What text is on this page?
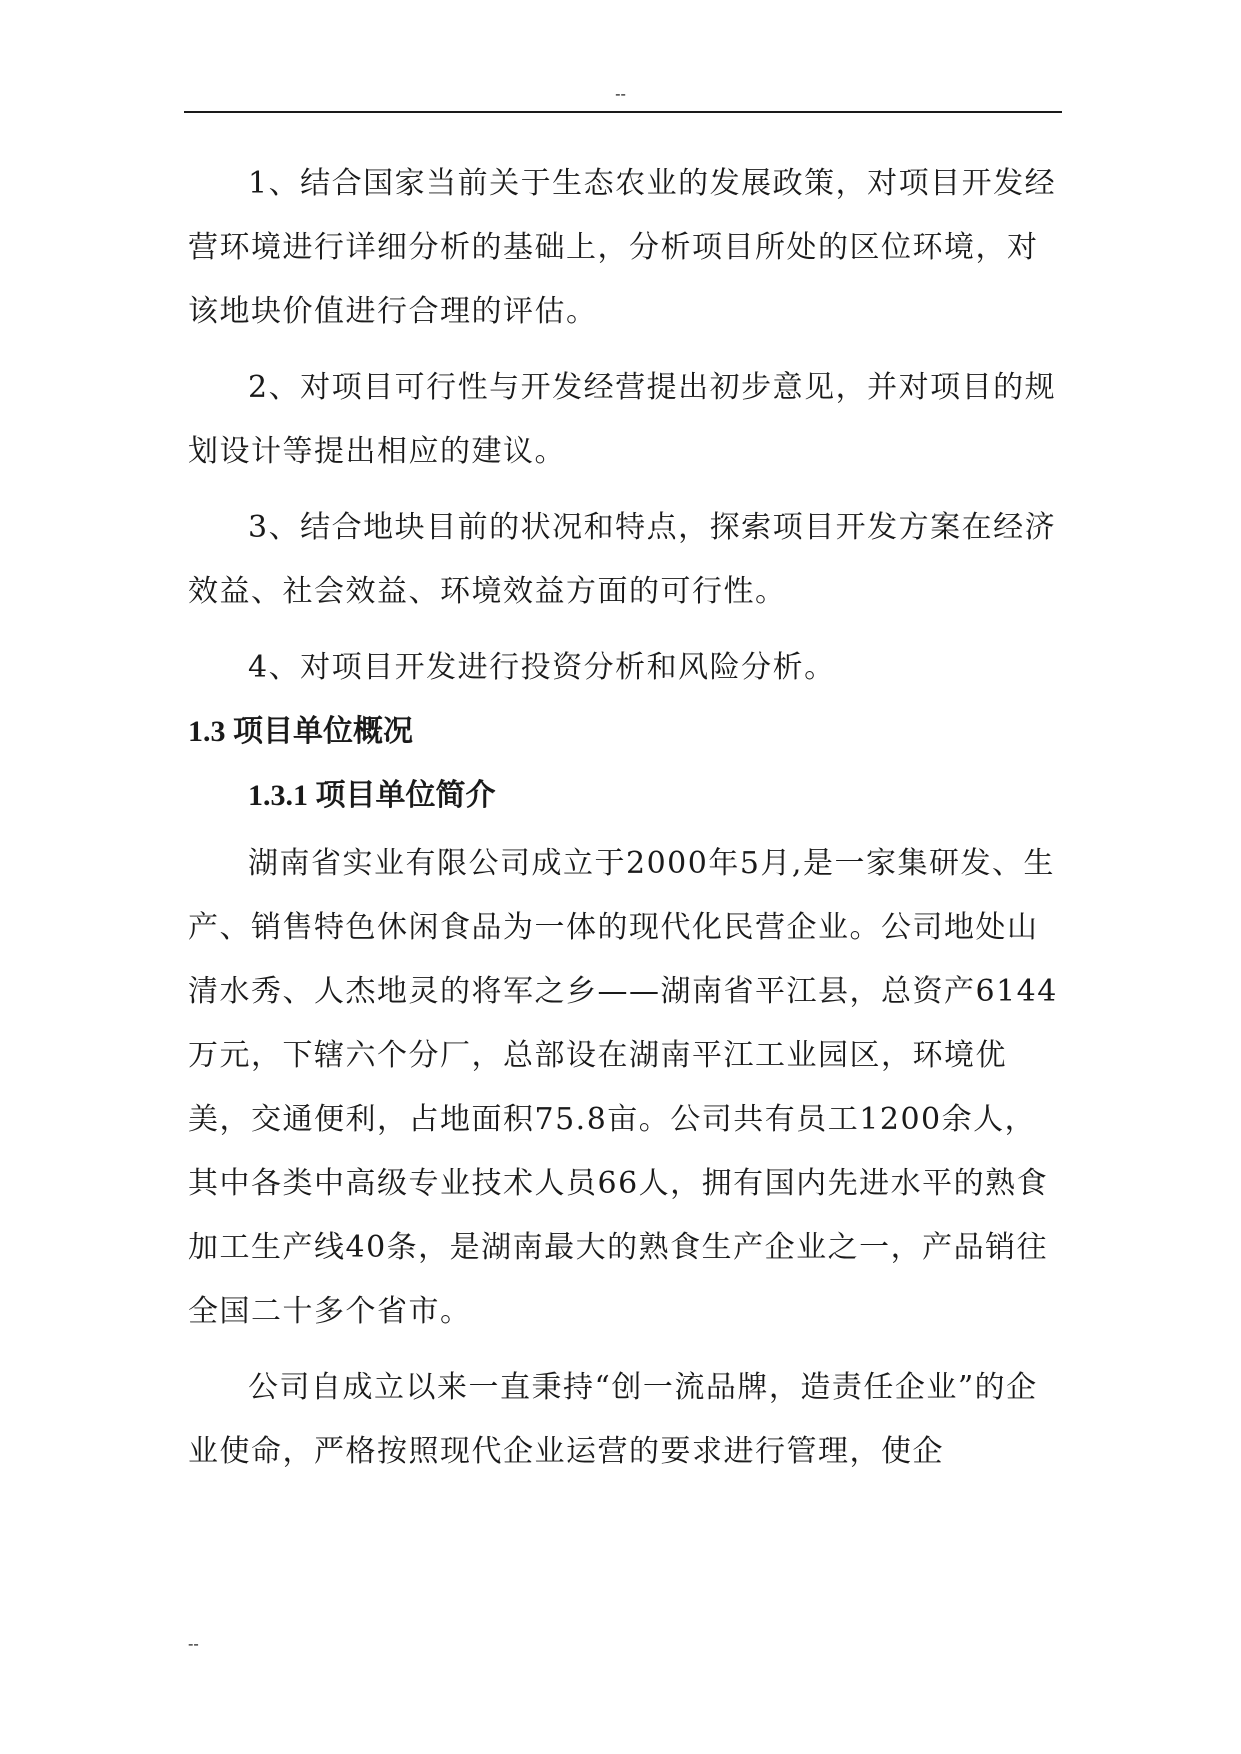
--

1、结合国家当前关于生态农业的发展政策，对项目开发经营环境进行详细分析的基础上，分析项目所处的区位环境，对该地块价值进行合理的评估。

2、对项目可行性与开发经营提出初步意见，并对项目的规划设计等提出相应的建议。

3、结合地块目前的状况和特点，探索项目开发方案在经济效益、社会效益、环境效益方面的可行性。

4、对项目开发进行投资分析和风险分析。

1.3 项目单位概况
1.3.1 项目单位简介

湖南省实业有限公司成立于2000年5月,是一家集研发、生产、销售特色休闲食品为一体的现代化民营企业。公司地处山清水秀、人杰地灵的将军之乡——湖南省平江县，总资产6144万元，下辖六个分厂，总部设在湖南平江工业园区，环境优美，交通便利，占地面积75.8亩。公司共有员工1200余人，其中各类中高级专业技术人员66人，拥有国内先进水平的熟食加工生产线40条，是湖南最大的熟食生产企业之一，产品销往全国二十多个省市。

公司自成立以来一直秉持“创一流品牌，造责任企业”的企业使命，严格按照现代企业运营的要求进行管理，使企

--
